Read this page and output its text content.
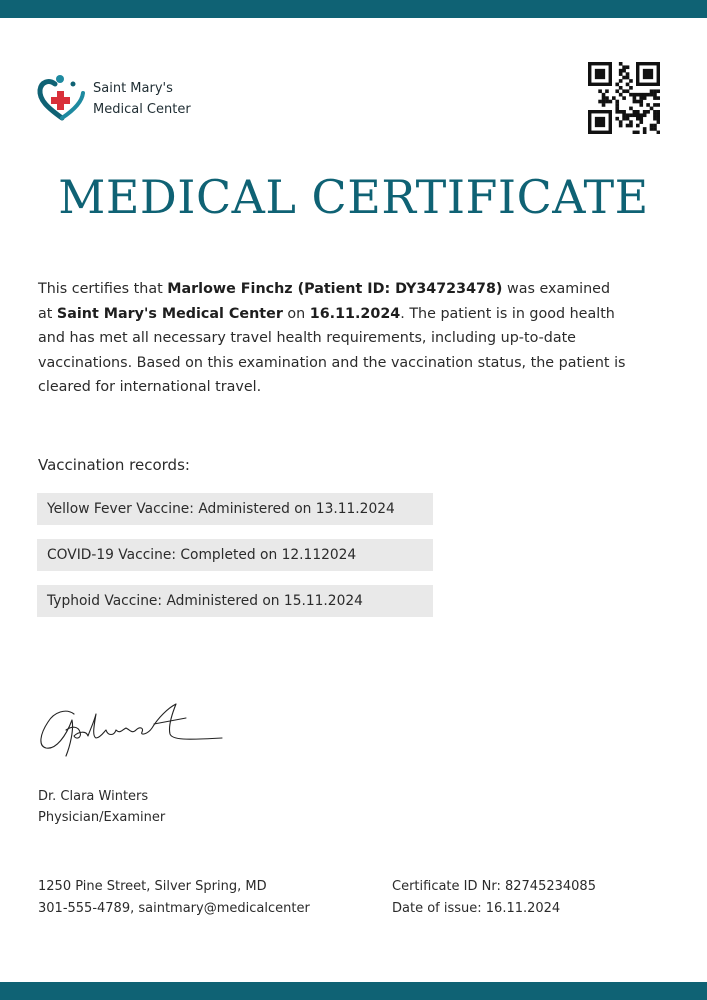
Saint Mary's
Medical Center
MEDICAL CERTIFICATE
This certifies that Marlowe Finchz (Patient ID: DY34723478) was examined at Saint Mary's Medical Center on 16.11.2024. The patient is in good health and has met all necessary travel health requirements, including up-to-date vaccinations. Based on this examination and the vaccination status, the patient is cleared for international travel.
Vaccination records:
Yellow Fever Vaccine: Administered on 13.11.2024
COVID-19 Vaccine: Completed on 12.112024
Typhoid Vaccine: Administered on 15.11.2024
Dr. Clara Winters
Physician/Examiner
1250 Pine Street, Silver Spring, MD
301-555-4789, saintmary@medicalcenter
Certificate ID Nr: 82745234085
Date of issue: 16.11.2024
